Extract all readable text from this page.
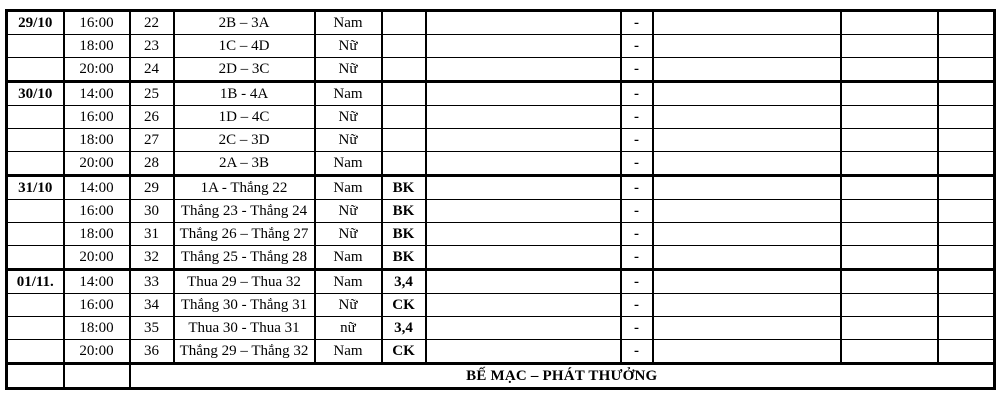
29/10	16:00	22	2B – 3A	Nam			-			
	18:00	23	1C – 4D	Nữ			-			
	20:00	24	2D – 3C	Nữ			-			
30/10	14:00	25	1B - 4A	Nam			-			
	16:00	26	1D – 4C	Nữ			-			
	18:00	27	2C – 3D	Nữ			-			
	20:00	28	2A – 3B	Nam			-			
31/10	14:00	29	1A - Thắng 22	Nam	BK		-			
	16:00	30	Thắng 23 - Thắng 24	Nữ	BK		-			
	18:00	31	Thắng 26 – Thắng 27	Nữ	BK		-			
	20:00	32	Thắng 25 - Thắng 28	Nam	BK		-			
01/11.	14:00	33	Thua 29 – Thua 32	Nam	3,4		-			
	16:00	34	Thắng 30 - Thắng 31	Nữ	CK		-			
	18:00	35	Thua 30 - Thua 31	nữ	3,4		-			
	20:00	36	Thắng 29 – Thắng 32	Nam	CK		-			
		BẾ MẠC – PHÁT THƯỞNG								
